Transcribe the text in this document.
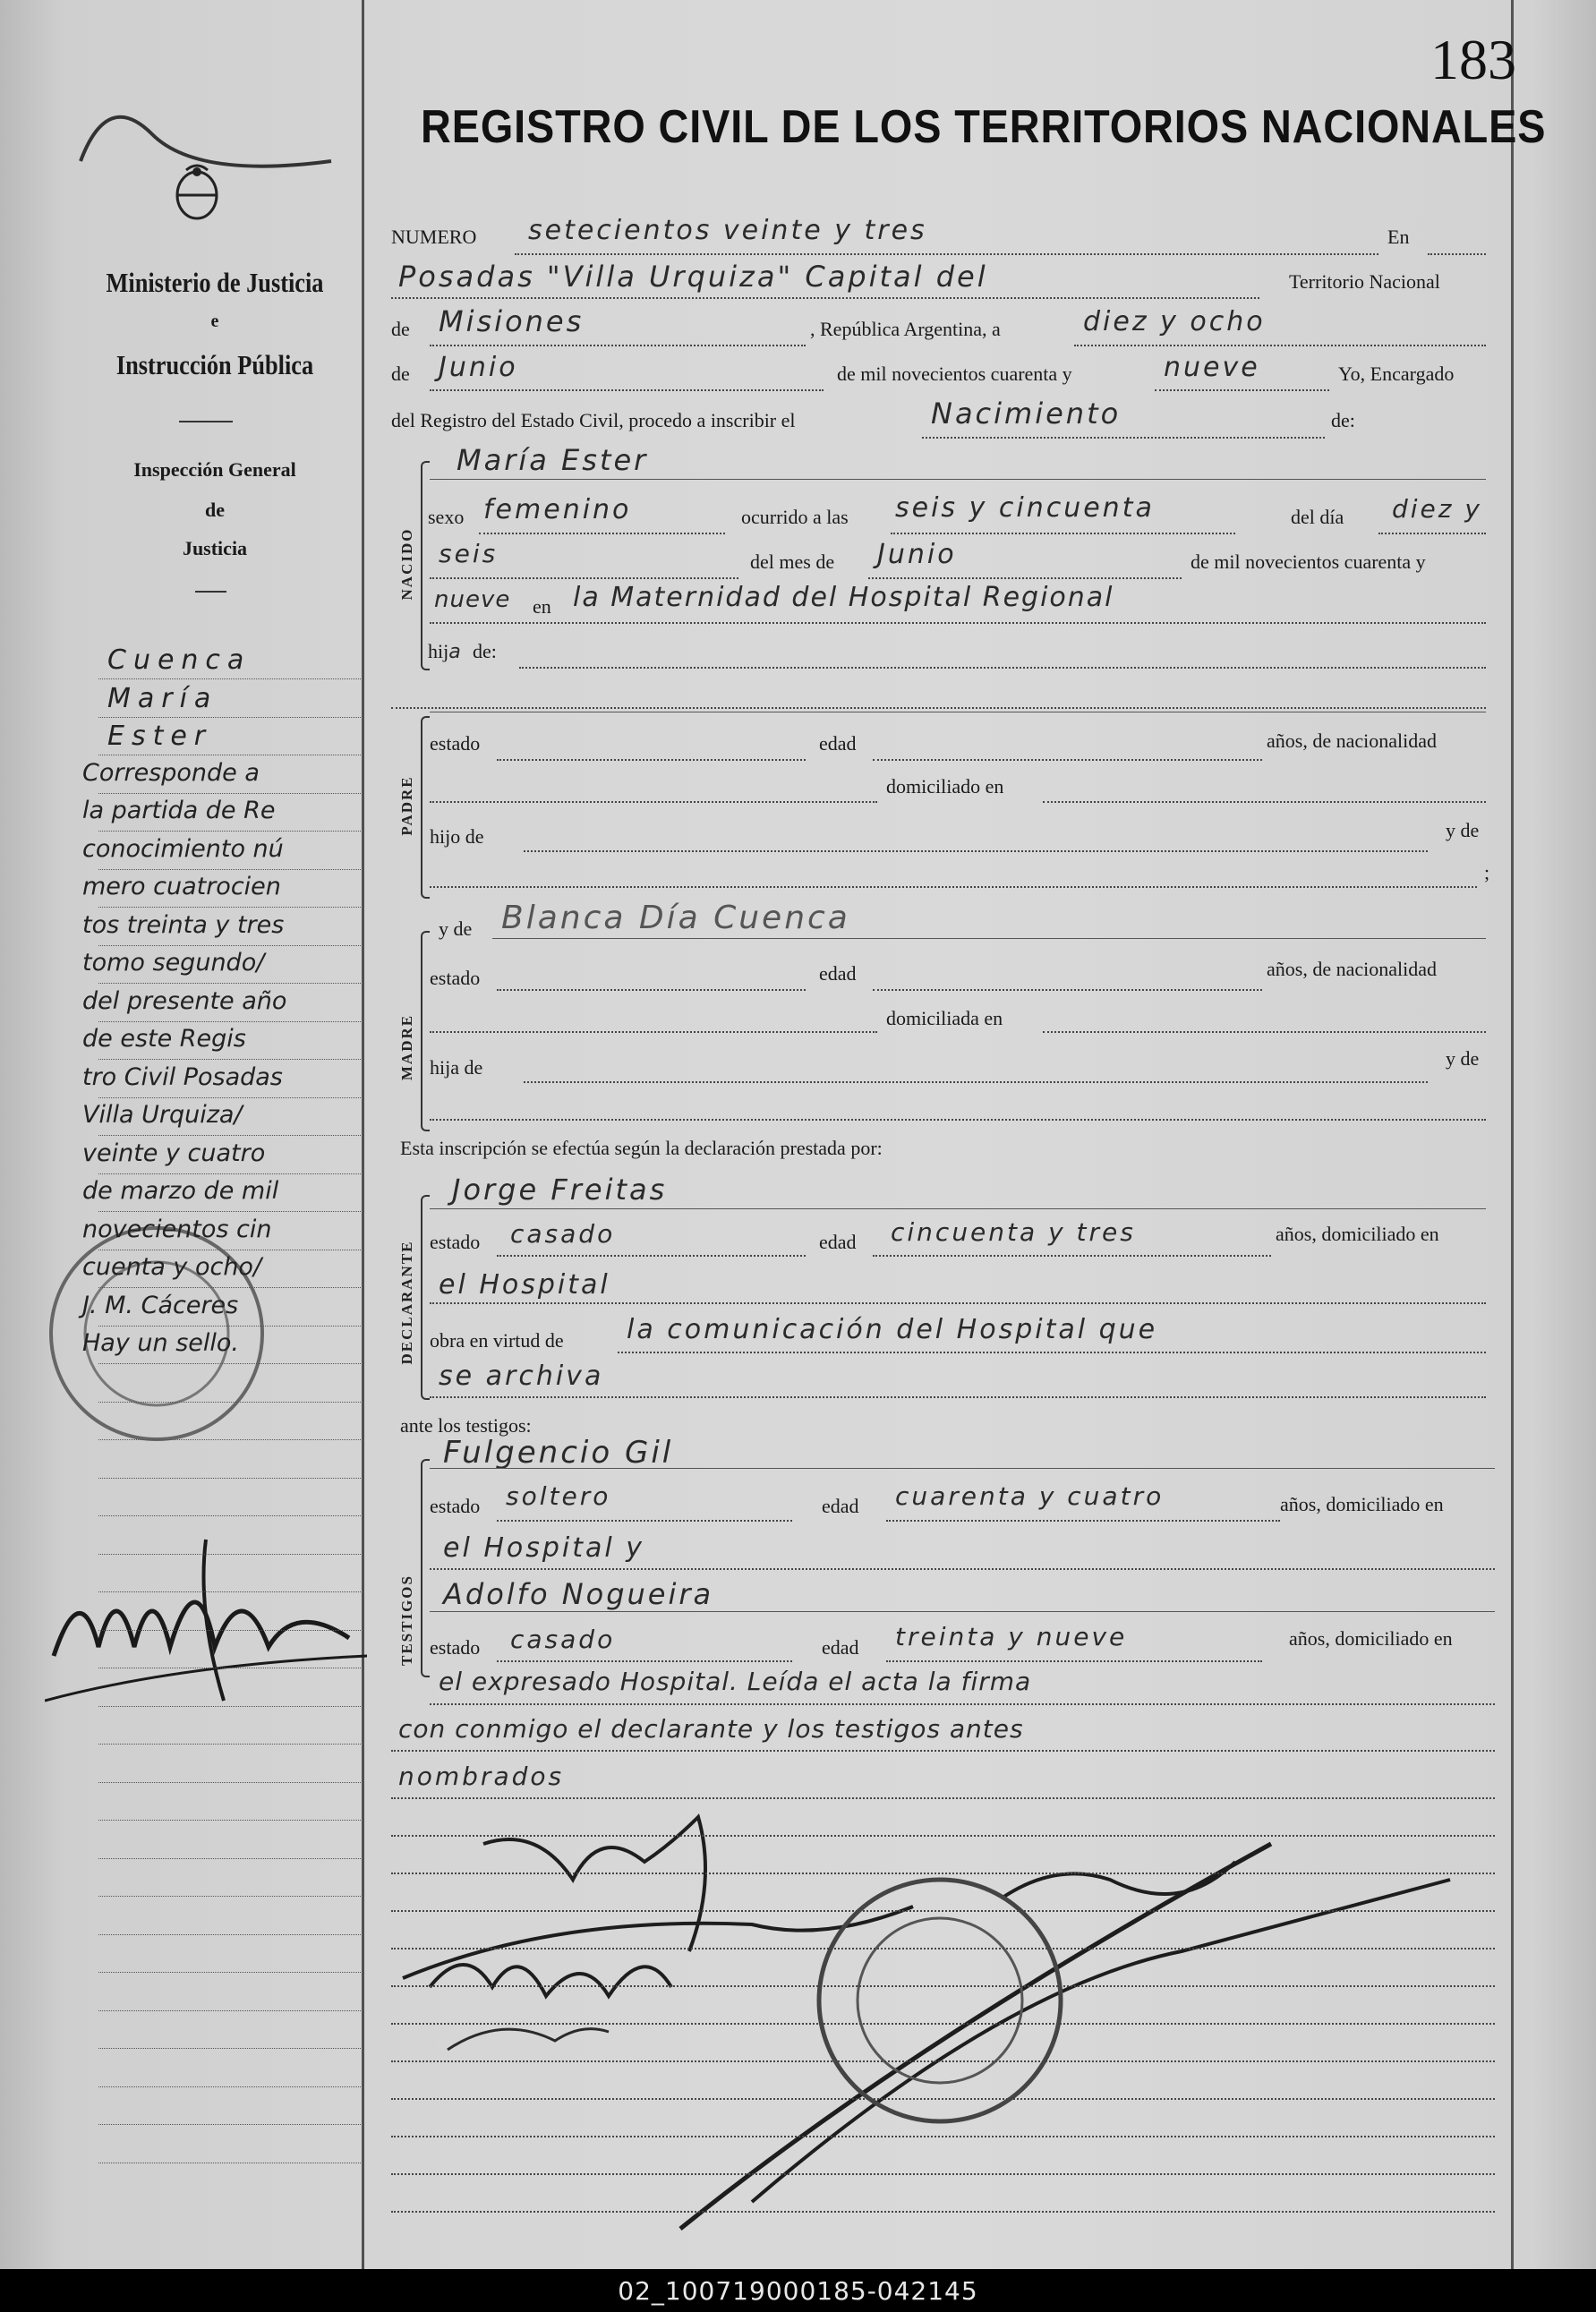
183
REGISTRO CIVIL DE LOS TERRITORIOS NACIONALES
Ministerio de Justicia
e
Instrucción Pública
Inspección General
de
Justicia
NUMERO setecientos veinte y tres	En
Posadas "Villa Urquiza" Capital del	Territorio Nacional
de Misiones	, República Argentina, a	diez y ocho
de Junio	de mil novecientos cuarenta y	nueve	Yo, Encargado
del Registro del Estado Civil, procedo a inscribir el	Nacimiento	de:
NACIDO
María Ester
sexo femenino	ocurrido a las seis y cincuenta	del día diez y
seis	del mes de Junio	de mil novecientos cuarenta y
nueve en la Maternidad del Hospital Regional
hija de:
PADRE
estado	edad	años, de nacionalidad
domiciliado en
hijo de	y de
;
MADRE
y de Blanca Día Cuenca
estado	edad	años, de nacionalidad
domiciliada en
hija de	y de
Esta inscripción se efectúa según la declaración prestada por:
DECLARANTE
Jorge Freitas
estado casado	edad cincuenta y tres	años, domiciliado en
el Hospital
obra en virtud de la comunicación del Hospital que
se archiva
ante los testigos:
TESTIGOS
Fulgencio Gil
estado soltero	edad cuarenta y cuatro	años, domiciliado en
el Hospital y
Adolfo Nogueira
estado casado	edad treinta y nueve	años, domiciliado en
el expresado Hospital. Leída el acta la firma
con conmigo el declarante y los testigos antes
nombrados
Cuenca
María
Ester
Corresponde a
la partida de Re
conocimiento nú
mero cuatrocien
tos treinta y tres
tomo segundo/
del presente año
de este Regis
tro Civil Posadas
Villa Urquiza/
veinte y cuatro
de marzo de mil
novecientos cin
cuenta y ocho/
J. M. Cáceres
Hay un sello.
02_100719000185-042145
